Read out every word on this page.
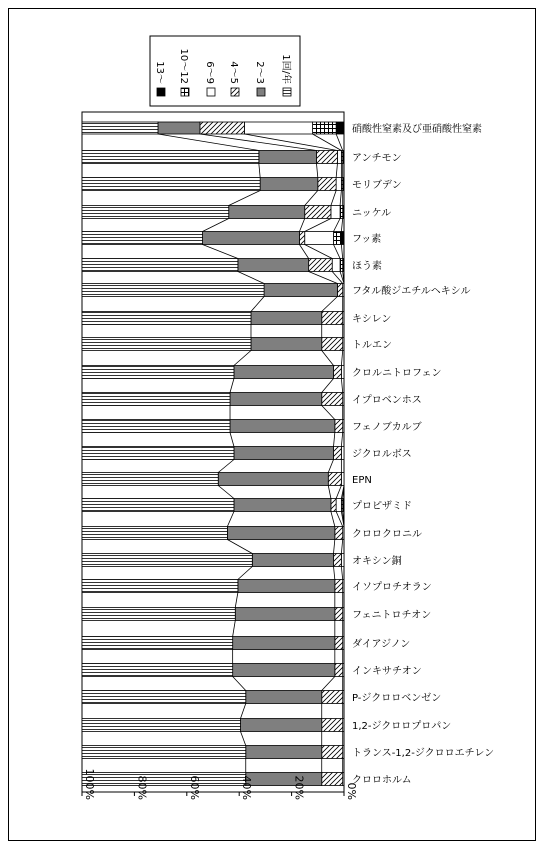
13～ 10～12 6～9 4～5 2～3 1回/年
硝酸性窒素及び亜硝酸性窒素
アンチモン
モリブデン
ニッケル
フッ素
ほう素
フタル酸ジエチルヘキシル
キシレン
トルエン
クロルニトロフェン
イプロベンホス
フェノブカルブ
ジクロルボス
EPN
プロピザミド
クロロクロニル
オキシン銅
イソプロチオラン
フェニトロチオン
ダイアジノン
インキサチオン
P-ジクロロベンゼン
1,2-ジクロロプロパン
トランス-1,2-ジクロロエチレン
クロロホルム
100%	80%	60%	40%	20%	0%
